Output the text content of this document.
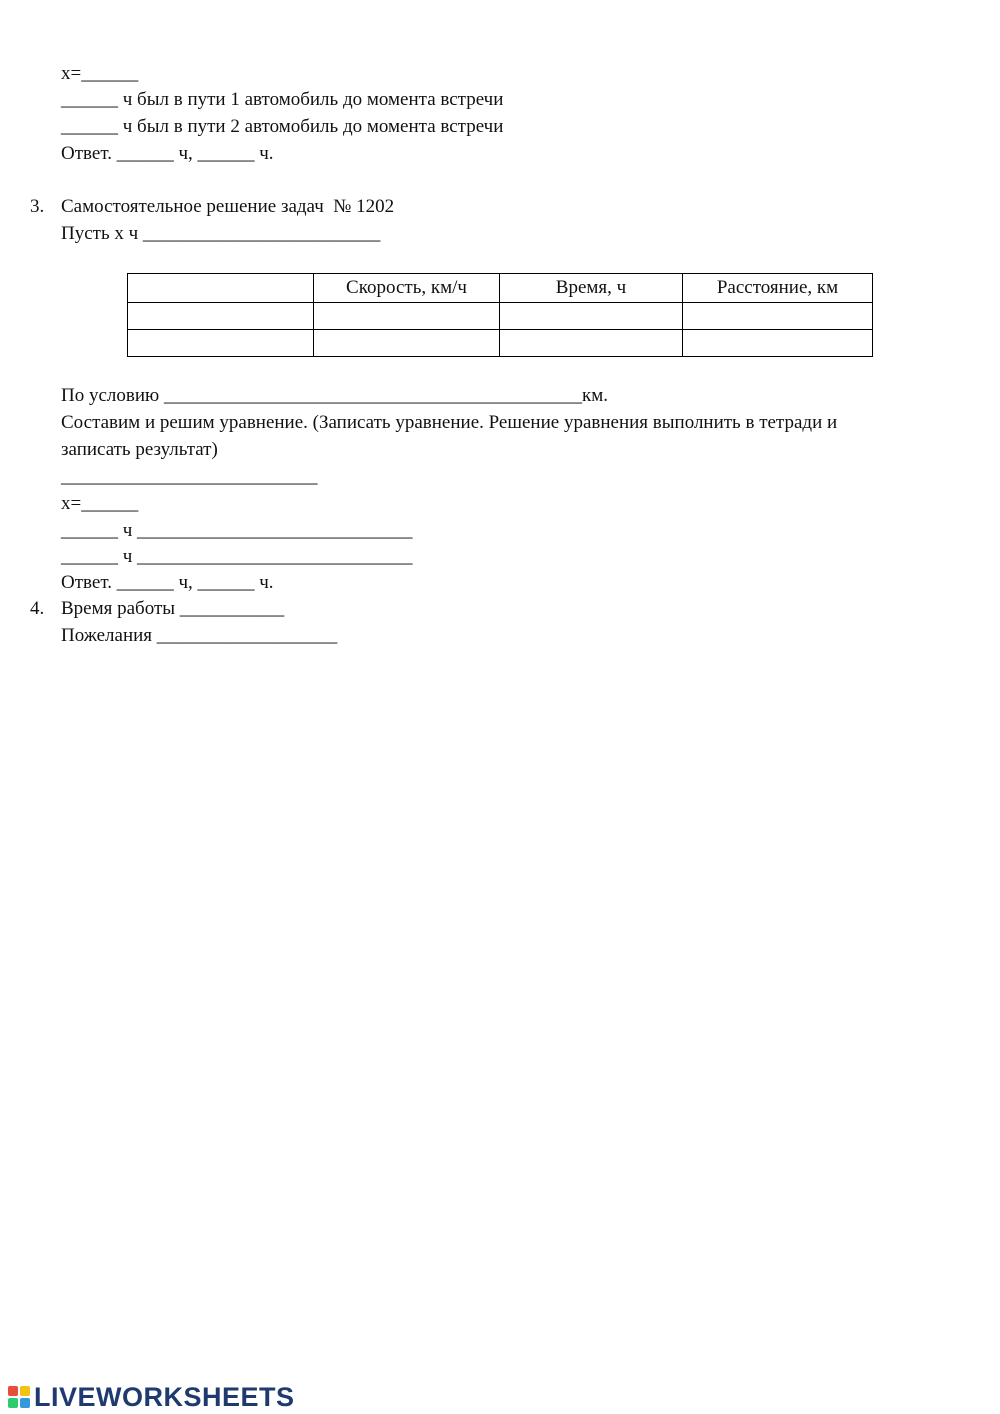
x=______
______ ч был в пути 1 автомобиль до момента встречи
______ ч был в пути 2 автомобиль до момента встречи
Ответ. ______ ч, ______ ч.
3. Самостоятельное решение задач  № 1202
Пусть x ч _________________________
	Скорость, км/ч	Время, ч	Расстояние, км

По условию ____________________________________________км.
Составим и решим уравнение. (Записать уравнение. Решение уравнения выполнить в тетради и
записать результат)
___________________________
x=______
______ ч _____________________________
______ ч _____________________________
Ответ. ______ ч, ______ ч.
4. Время работы ___________
Пожелания ___________________
LIVEWORKSHEETS
